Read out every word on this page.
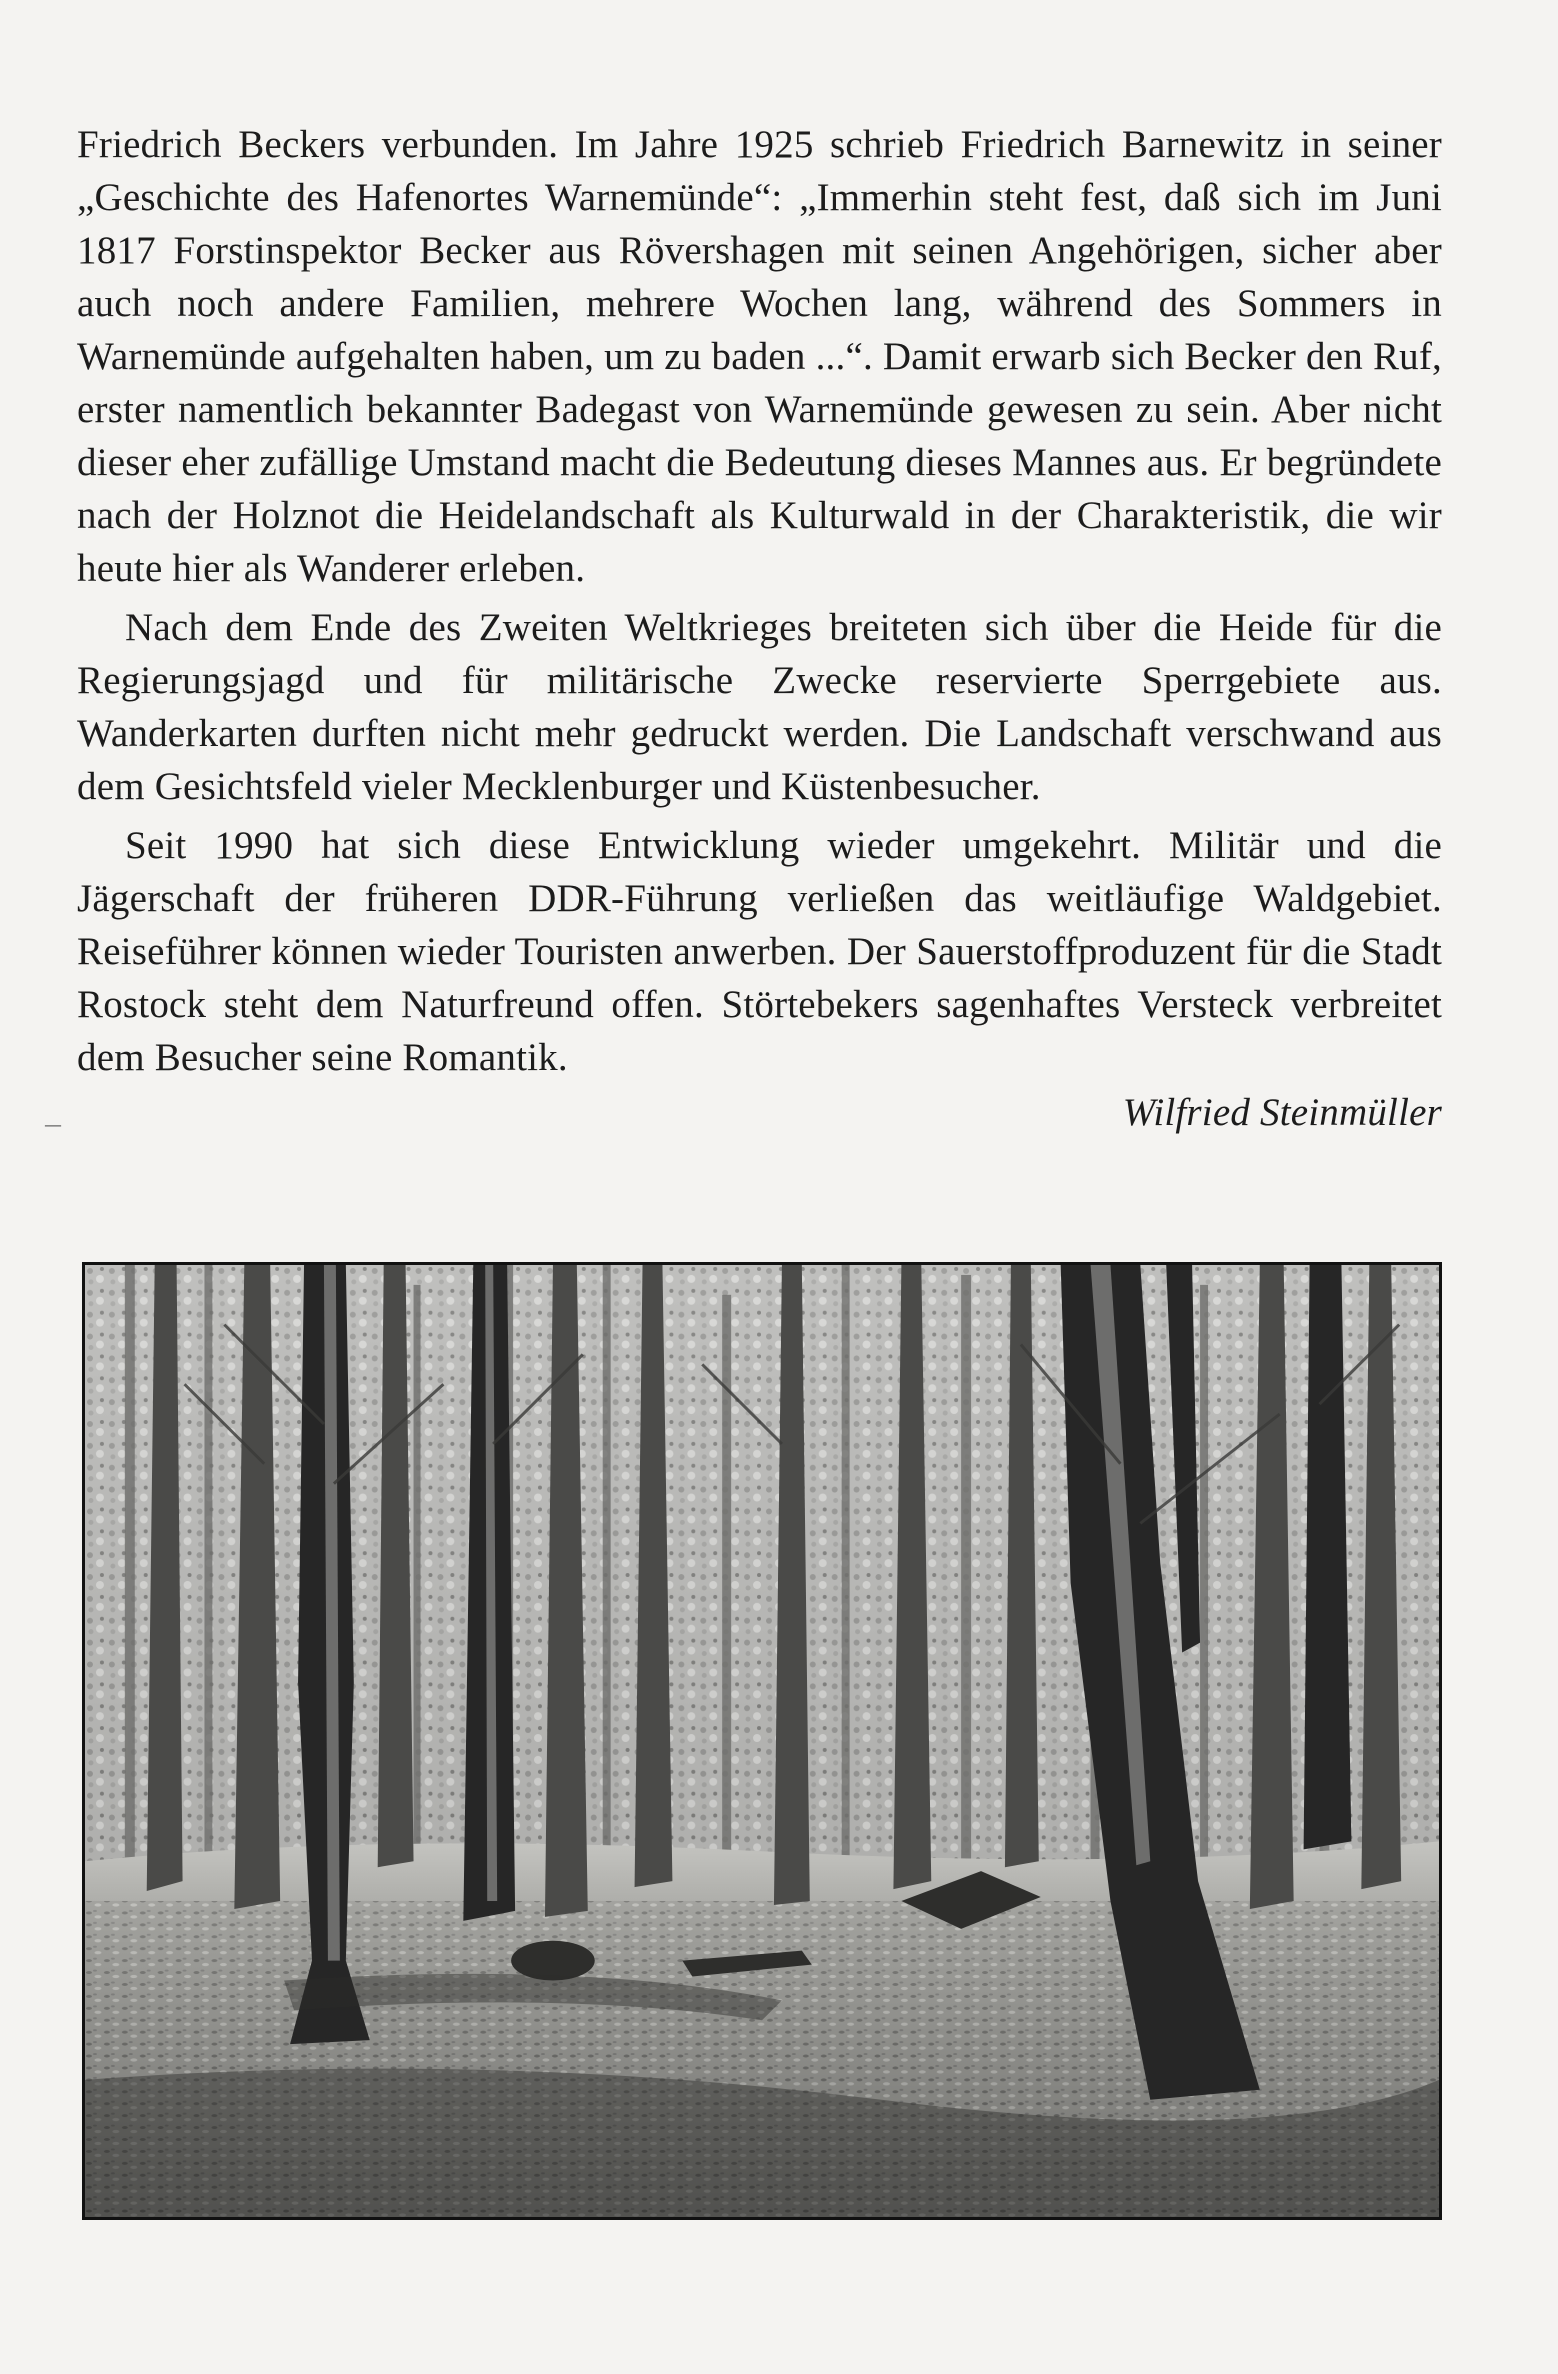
Friedrich Beckers verbunden. Im Jahre 1925 schrieb Friedrich Barnewitz in seiner „Geschichte des Hafenortes Warnemünde“: „Immerhin steht fest, daß sich im Juni 1817 Forstinspektor Becker aus Rövershagen mit seinen Angehörigen, sicher aber auch noch andere Familien, mehrere Wochen lang, während des Sommers in Warnemünde aufgehalten haben, um zu baden ...“. Damit erwarb sich Becker den Ruf, erster namentlich bekannter Badegast von Warnemünde gewesen zu sein. Aber nicht dieser eher zufällige Umstand macht die Bedeutung dieses Mannes aus. Er begründete nach der Holznot die Heidelandschaft als Kulturwald in der Charakteristik, die wir heute hier als Wanderer erleben.

Nach dem Ende des Zweiten Weltkrieges breiteten sich über die Heide für die Regierungsjagd und für militärische Zwecke reservierte Sperrgebiete aus. Wanderkarten durften nicht mehr gedruckt werden. Die Landschaft verschwand aus dem Gesichtsfeld vieler Mecklenburger und Küstenbesucher.

Seit 1990 hat sich diese Entwicklung wieder umgekehrt. Militär und die Jägerschaft der früheren DDR-Führung verließen das weitläufige Waldgebiet. Reiseführer können wieder Touristen anwerben. Der Sauerstoffproduzent für die Stadt Rostock steht dem Naturfreund offen. Störtebekers sagenhaftes Versteck verbreitet dem Besucher seine Romantik.

Wilfried Steinmüller
—
